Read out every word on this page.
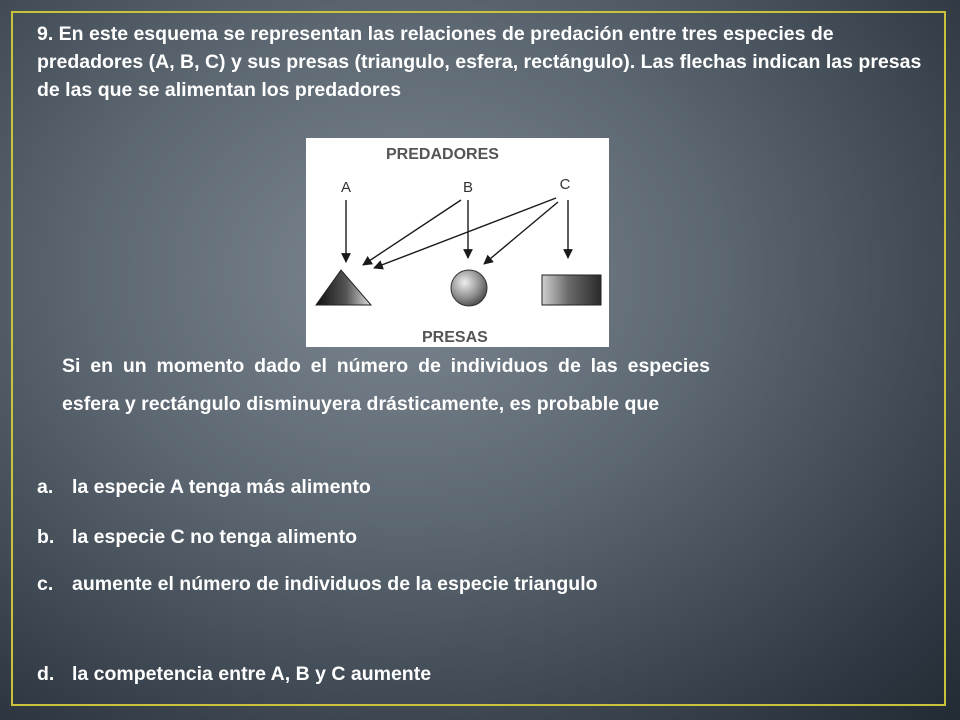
9. En este esquema se representan las relaciones de predación entre tres especies de predadores (A, B, C) y sus presas (triangulo, esfera, rectángulo). Las flechas indican las presas de las que se alimentan los predadores

PREDADORES
A	B	C
PRESAS

Si en un momento dado el número de individuos de las especies esfera y rectángulo disminuyera drásticamente, es probable que

a. la especie A tenga más alimento
b. la especie C no tenga alimento
c. aumente el número de individuos de la especie triangulo
d. la competencia entre A, B y C aumente
